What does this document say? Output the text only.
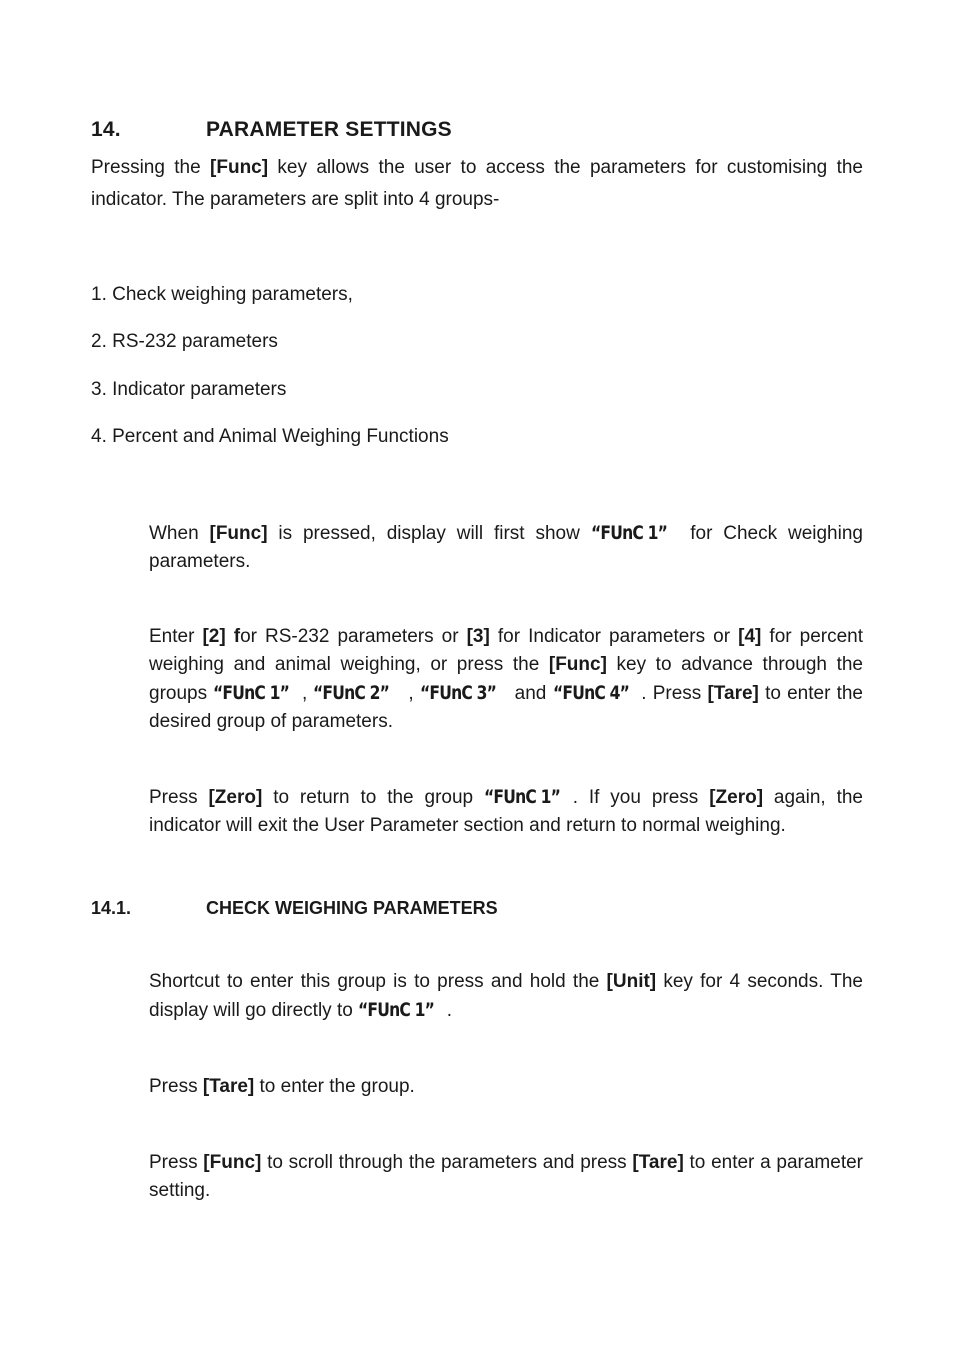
14.	PARAMETER SETTINGS
Pressing the [Func] key allows the user to access the parameters for customising the indicator. The parameters are split into 4 groups-
1. Check weighing parameters,
2. RS-232 parameters
3. Indicator parameters
4. Percent and Animal Weighing Functions

When [Func] is pressed, display will first show “FUnC 1” for Check weighing parameters.

Enter [2] for RS-232 parameters or [3] for Indicator parameters or [4] for percent weighing and animal weighing, or press the [Func] key to advance through the groups “FUnC 1” , “FUnC 2” , “FUnC 3” and “FUnC 4” . Press [Tare] to enter the desired group of parameters.

Press [Zero] to return to the group “FUnC 1” . If you press [Zero] again, the indicator will exit the User Parameter section and return to normal weighing.

14.1.	CHECK WEIGHING PARAMETERS

Shortcut to enter this group is to press and hold the [Unit] key for 4 seconds. The display will go directly to “FUnC 1” .

Press [Tare] to enter the group.

Press [Func] to scroll through the parameters and press [Tare] to enter a parameter setting.
